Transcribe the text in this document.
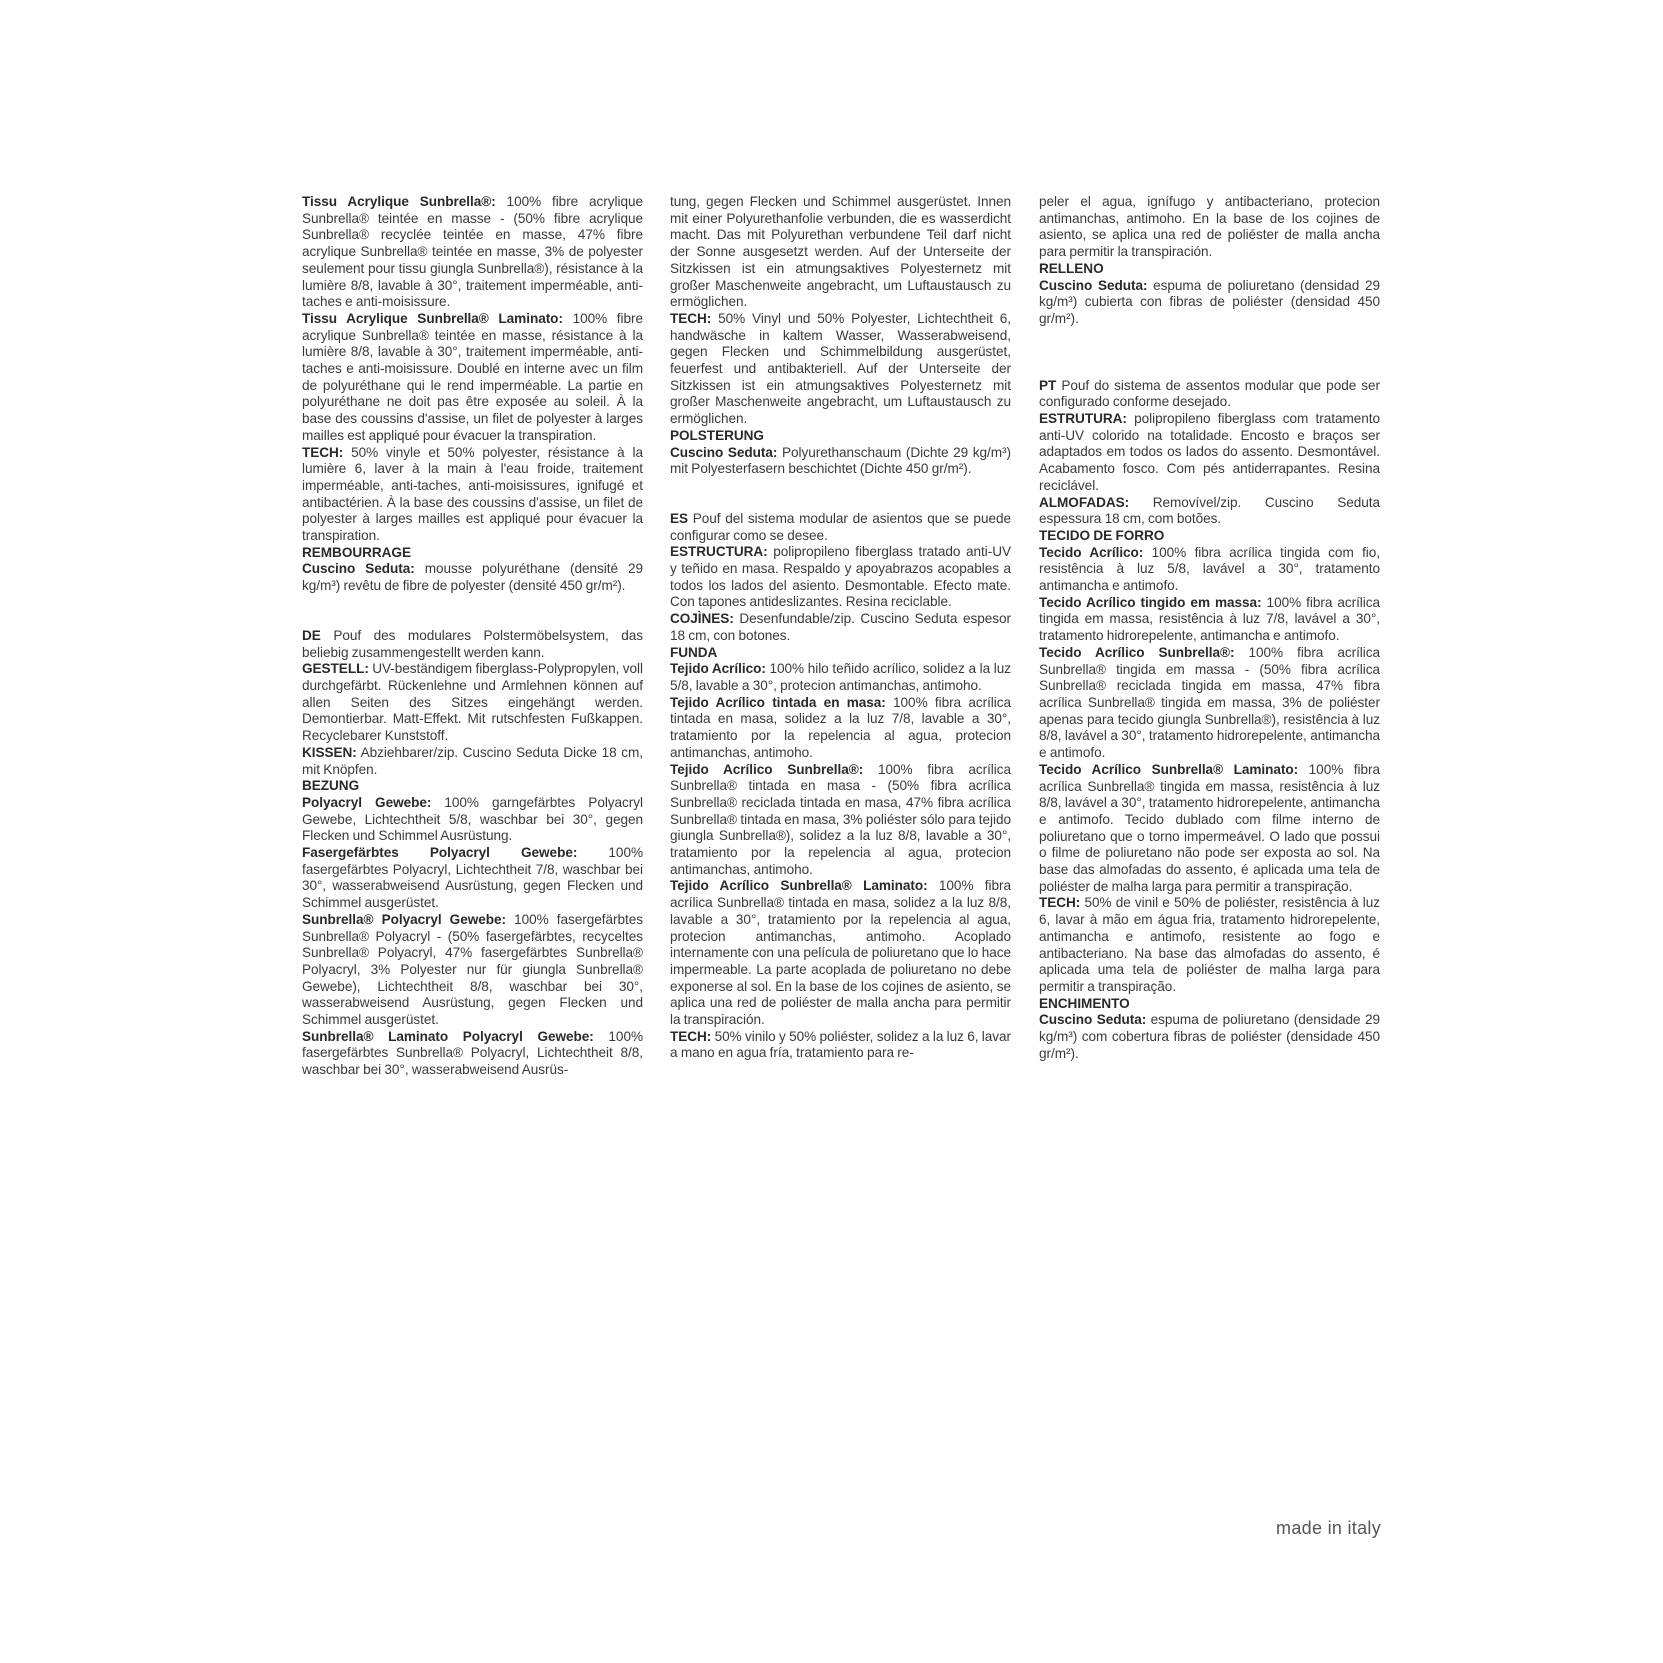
Tissu Acrylique Sunbrella®: 100% fibre acrylique Sunbrella® teintée en masse - (50% fibre acrylique Sunbrella® recyclée teintée en masse, 47% fibre acrylique Sunbrella® teintée en masse, 3% de polyester seulement pour tissu giungla Sunbrella®), résistance à la lumière 8/8, lavable à 30°, traitement imperméable, anti-taches e anti-moisissure.

Tissu Acrylique Sunbrella® Laminato: 100% fibre acrylique Sunbrella® teintée en masse, résistance à la lumière 8/8, lavable à 30°, traitement imperméable, anti-taches e anti-moisissure. Doublé en interne avec un film de polyuréthane qui le rend imperméable. La partie en polyuréthane ne doit pas être exposée au soleil. À la base des coussins d'assise, un filet de polyester à larges mailles est appliqué pour évacuer la transpiration.

TECH: 50% vinyle et 50% polyester, résistance à la lumière 6, laver à la main à l'eau froide, traitement imperméable, anti-taches, anti-moisissures, ignifugé et antibactérien. À la base des coussins d'assise, un filet de polyester à larges mailles est appliqué pour évacuer la transpiration.

REMBOURRAGE

Cuscino Seduta: mousse polyuréthane (densité 29 kg/m³) revêtu de fibre de polyester (densité 450 gr/m²).

DE Pouf des modulares Polstermöbelsystem, das beliebig zusammengestellt werden kann.

GESTELL: UV-beständigem fiberglass-Polypropylen, voll durchgefärbt. Rückenlehne und Armlehnen können auf allen Seiten des Sitzes eingehängt werden. Demontierbar. Matt-Effekt. Mit rutschfesten Fußkappen. Recyclebarer Kunststoff.

KISSEN: Abziehbarer/zip. Cuscino Seduta Dicke 18 cm, mit Knöpfen.

BEZUNG

Polyacryl Gewebe: 100% garngefärbtes Polyacryl Gewebe, Lichtechtheit 5/8, waschbar bei 30°, gegen Flecken und Schimmel Ausrüstung.

Fasergefärbtes Polyacryl Gewebe: 100% fasergefärbtes Polyacryl, Lichtechtheit 7/8, waschbar bei 30°, wasserabweisend Ausrüstung, gegen Flecken und Schimmel ausgerüstet.

Sunbrella® Polyacryl Gewebe: 100% fasergefärbtes Sunbrella® Polyacryl - (50% fasergefärbtes, recyceltes Sunbrella® Polyacryl, 47% fasergefärbtes Sunbrella® Polyacryl, 3% Polyester nur für giungla Sunbrella® Gewebe), Lichtechtheit 8/8, waschbar bei 30°, wasserabweisend Ausrüstung, gegen Flecken und Schimmel ausgerüstet.

Sunbrella® Laminato Polyacryl Gewebe: 100% fasergefärbtes Sunbrella® Polyacryl, Lichtechtheit 8/8, waschbar bei 30°, wasserabweisend Ausrüs-

tung, gegen Flecken und Schimmel ausgerüstet. Innen mit einer Polyurethanfolie verbunden, die es wasserdicht macht. Das mit Polyurethan verbundene Teil darf nicht der Sonne ausgesetzt werden. Auf der Unterseite der Sitzkissen ist ein atmungsaktives Polyesternetz mit großer Maschenweite angebracht, um Luftaustausch zu ermöglichen.

TECH: 50% Vinyl und 50% Polyester, Lichtechtheit 6, handwäsche in kaltem Wasser, Wasserabweisend, gegen Flecken und Schimmelbildung ausgerüstet, feuerfest und antibakteriell. Auf der Unterseite der Sitzkissen ist ein atmungsaktives Polyesternetz mit großer Maschenweite angebracht, um Luftaustausch zu ermöglichen.

POLSTERUNG

Cuscino Seduta: Polyurethanschaum (Dichte 29 kg/m³) mit Polyesterfasern beschichtet (Dichte 450 gr/m²).

ES Pouf del sistema modular de asientos que se puede configurar como se desee.

ESTRUCTURA: polipropileno fiberglass tratado anti-UV y teñido en masa. Respaldo y apoyabrazos acopables a todos los lados del asiento. Desmontable. Efecto mate. Con tapones antideslizantes. Resina reciclable.

COJÌNES: Desenfundable/zip. Cuscino Seduta espesor 18 cm, con botones.

FUNDA

Tejido Acrílico: 100% hilo teñido acrílico, solidez a la luz 5/8, lavable a 30°, protecion antimanchas, antimoho.

Tejido Acrílico tintada en masa: 100% fibra acrílica tintada en masa, solidez a la luz 7/8, lavable a 30°, tratamiento por la repelencia al agua, protecion antimanchas, antimoho.

Tejido Acrílico Sunbrella®: 100% fibra acrílica Sunbrella® tintada en masa - (50% fibra acrílica Sunbrella® reciclada tintada en masa, 47% fibra acrílica Sunbrella® tintada en masa, 3% poliéster sólo para tejido giungla Sunbrella®), solidez a la luz 8/8, lavable a 30°, tratamiento por la repelencia al agua, protecion antimanchas, antimoho.

Tejido Acrílico Sunbrella® Laminato: 100% fibra acrílica Sunbrella® tintada en masa, solidez a la luz 8/8, lavable a 30°, tratamiento por la repelencia al agua, protecion antimanchas, antimoho. Acoplado internamente con una película de poliuretano que lo hace impermeable. La parte acoplada de poliuretano no debe exponerse al sol. En la base de los cojines de asiento, se aplica una red de poliéster de malla ancha para permitir la transpiración.

TECH: 50% vinilo y 50% poliéster, solidez a la luz 6, lavar a mano en agua fría, tratamiento para re-

peler el agua, ignífugo y antibacteriano, protecion antimanchas, antimoho. En la base de los cojines de asiento, se aplica una red de poliéster de malla ancha para permitir la transpiración.

RELLENO

Cuscino Seduta: espuma de poliuretano (densidad 29 kg/m³) cubierta con fibras de poliéster (densidad 450 gr/m²).

PT Pouf do sistema de assentos modular que pode ser configurado conforme desejado.

ESTRUTURA: polipropileno fiberglass com tratamento anti-UV colorido na totalidade. Encosto e braços ser adaptados em todos os lados do assento. Desmontável. Acabamento fosco. Com pés antiderrapantes. Resina reciclável.

ALMOFADAS: Removível/zip. Cuscino Seduta espessura 18 cm, com botões.

TECIDO DE FORRO

Tecido Acrílico: 100% fibra acrílica tingida com fio, resistência à luz 5/8, lavável a 30°, tratamento antimancha e antimofo.

Tecido Acrílico tingido em massa: 100% fibra acrílica tingida em massa, resistência à luz 7/8, lavável a 30°, tratamento hidrorepelente, antimancha e antimofo.

Tecido Acrílico Sunbrella®: 100% fibra acrílica Sunbrella® tingida em massa - (50% fibra acrílica Sunbrella® reciclada tingida em massa, 47% fibra acrílica Sunbrella® tingida em massa, 3% de poliéster apenas para tecido giungla Sunbrella®), resistência à luz 8/8, lavável a 30°, tratamento hidrorepelente, antimancha e antimofo.

Tecido Acrílico Sunbrella® Laminato: 100% fibra acrílica Sunbrella® tingida em massa, resistência à luz 8/8, lavável a 30°, tratamento hidrorepelente, antimancha e antimofo. Tecido dublado com filme interno de poliuretano que o torno impermeável. O lado que possui o filme de poliuretano não pode ser exposta ao sol. Na base das almofadas do assento, é aplicada uma tela de poliéster de malha larga para permitir a transpiração.

TECH: 50% de vinil e 50% de poliéster, resistência à luz 6, lavar à mão em água fria, tratamento hidrorepelente, antimancha e antimofo, resistente ao fogo e antibacteriano. Na base das almofadas do assento, é aplicada uma tela de poliéster de malha larga para permitir a transpiração.

ENCHIMENTO

Cuscino Seduta: espuma de poliuretano (densidade 29 kg/m³) com cobertura fibras de poliéster (densidade 450 gr/m²).

made in italy
